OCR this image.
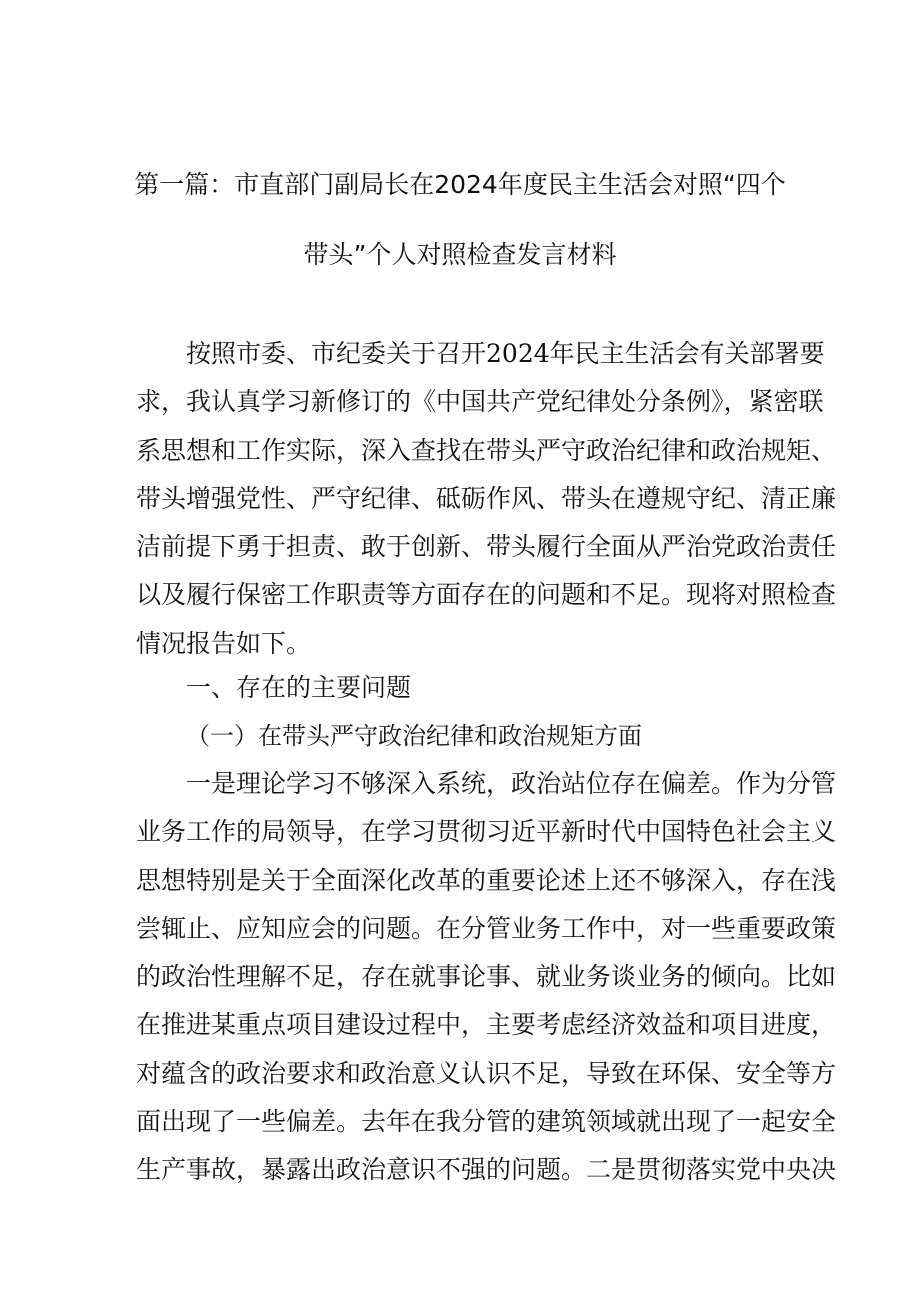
第一篇：市直部门副局长在2024年度民主生活会对照“四个
带头”个人对照检查发言材料
按照市委、市纪委关于召开2024年民主生活会有关部署要
求，我认真学习新修订的《中国共产党纪律处分条例》，紧密联
系思想和工作实际，深入查找在带头严守政治纪律和政治规矩、
带头增强党性、严守纪律、砥砺作风、带头在遵规守纪、清正廉
洁前提下勇于担责、敢于创新、带头履行全面从严治党政治责任
以及履行保密工作职责等方面存在的问题和不足。现将对照检查
情况报告如下。
一、存在的主要问题
（一）在带头严守政治纪律和政治规矩方面
一是理论学习不够深入系统，政治站位存在偏差。作为分管
业务工作的局领导，在学习贯彻习近平新时代中国特色社会主义
思想特别是关于全面深化改革的重要论述上还不够深入，存在浅
尝辄止、应知应会的问题。在分管业务工作中，对一些重要政策
的政治性理解不足，存在就事论事、就业务谈业务的倾向。比如
在推进某重点项目建设过程中，主要考虑经济效益和项目进度，
对蕴含的政治要求和政治意义认识不足，导致在环保、安全等方
面出现了一些偏差。去年在我分管的建筑领域就出现了一起安全
生产事故，暴露出政治意识不强的问题。二是贯彻落实党中央决
